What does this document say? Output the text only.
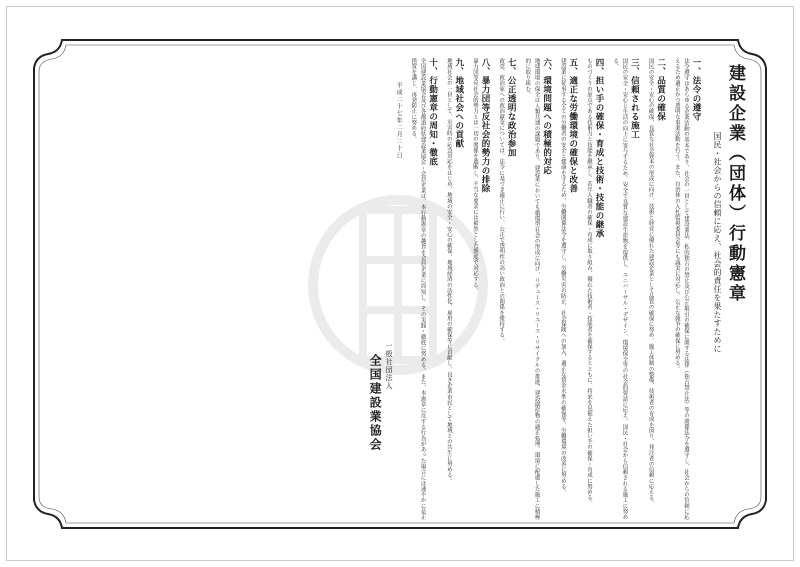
建設企業（団体）行動憲章
国民・社会からの信頼に応え、社会的責任を果たすために
一、法令の遵守
法令遵守はあらゆる企業活動の基本であり、社会の一員として建設業法、私的独占の禁止及び公正取引の確保に関する法律（独占禁止法）等の関係法令を遵守し、社会からの信頼に応えるため適正かつ透明な事業活動を行う。また、自治体の入札監視委員会等にも誠実に対応し、公正な競争の確保に努める。
二、品質の確保
国民の安全・安心の確保、良質な社会資本の形成に向け、技術と経営に優れた建設企業として品質の確保に努め、施工体制の整備、技術者の育成を図り、発注者の信頼に応える。
三、信頼される施工
国民の安全・安心と生活の向上に寄与するため、安全で良質な建設生産物を提供し、ユニバーサル・デザイン、環境保全等の社会的要請に応え、国民・社会から信頼される施工に努める。
四、担い手の確保・育成と技術・技能の継承
ものづくりの原点である技術力と技能を継承し、若年入職者の確保・育成に取り組み、優れた技術者・技能者を確保するとともに、将来を見据えた担い手の確保・育成に努める。
五、適正な労働環境の確保と改善
建設業に従事する全ての労働者の安全と健康を守るため、労働関係法令を遵守し、労働災害の防止、社会保険への加入、適正な賃金水準の確保等、労働環境の改善に努める。
六、環境問題への積極的対応
地球環境の保全は人類共通の課題であり、建設業においても循環型社会の形成に向け、リデュース・リユース・リサイクルの推進、建設副産物の適正処理、環境に配慮した施工に積極的に取り組む。
七、公正透明な政治参加
政党、政治家への政治献金については、法令に基づき適正に行い、公正で透明性の高い政治との関係を維持する。
八、暴力団等反社会的勢力の排除
暴力団等反社会的勢力とは一切の関係を遮断し、不当な要求には毅然とした態度で対応する。
九、地域社会への貢献
地域社会の一員として、災害時の応急対応をはじめ、地域の安全・安心の確保、地域経済の活性化、雇用の確保等に貢献し、良き企業市民として地域との共生に努める。
十、行動憲章の周知・徹底
全国建設業協会及び各都道府県建設業協会・会員企業は、本行動憲章の趣旨を会員企業に周知し、その実践・徹底に努める。また、本憲章に反する行為があった場合には速やかに是正措置を講じ、再発防止に努める。
平成二十七年二月二十日
一般社団法人
全国建設業協会
